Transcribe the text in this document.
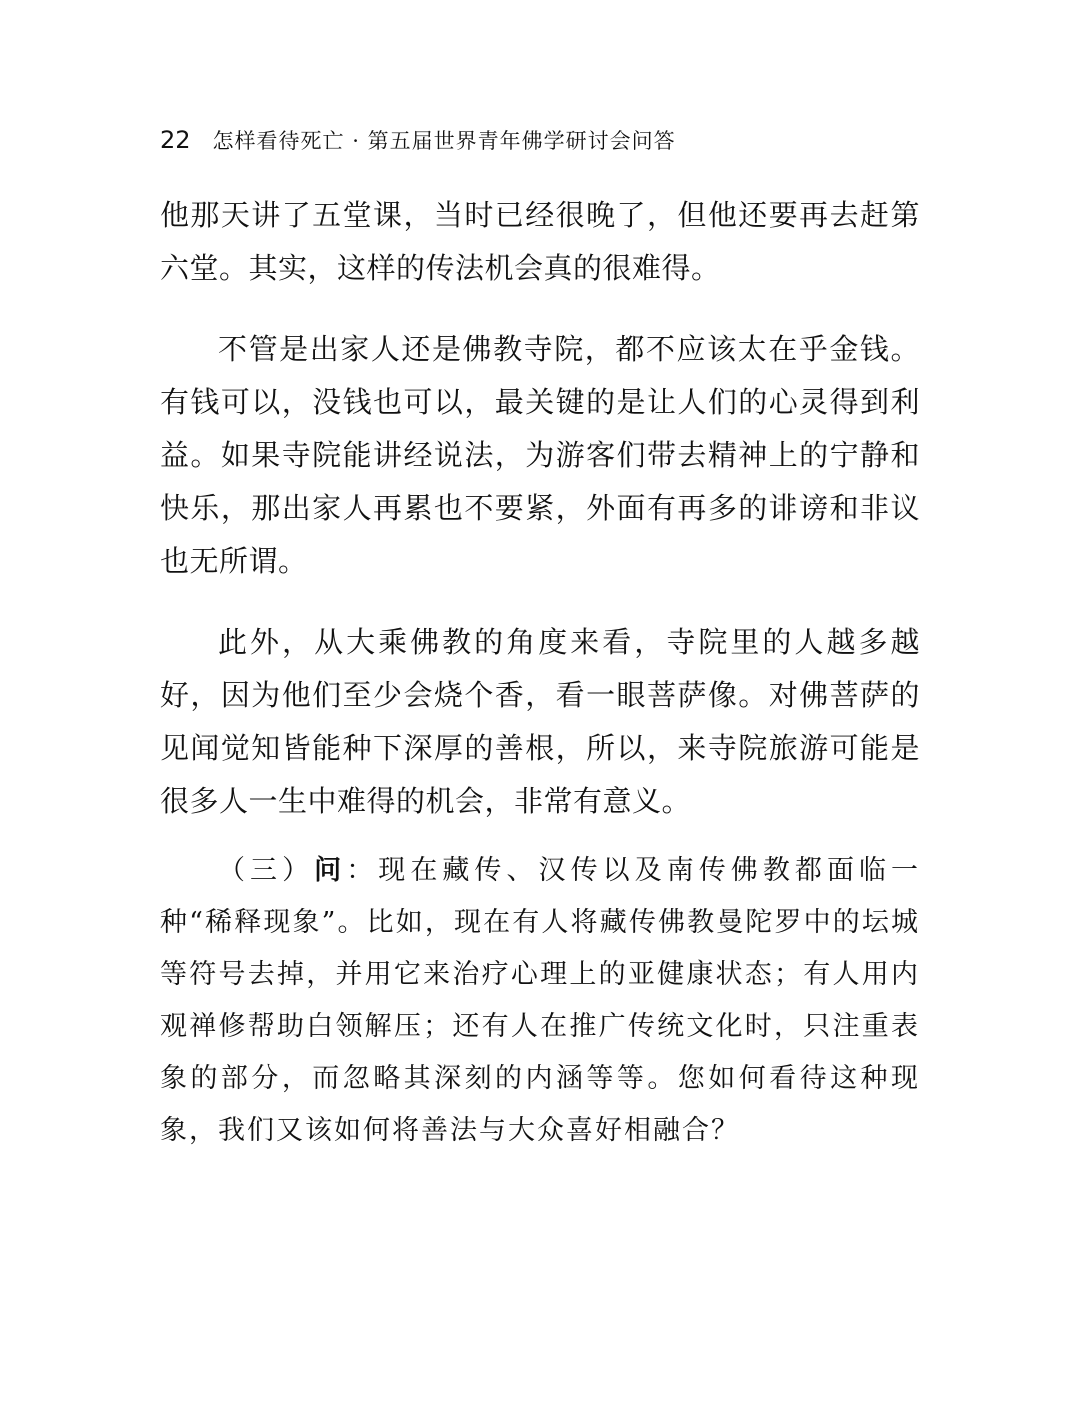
22 怎样看待死亡 · 第五届世界青年佛学研讨会问答

他那天讲了五堂课，当时已经很晚了，但他还要再去赶第六堂。其实，这样的传法机会真的很难得。

不管是出家人还是佛教寺院，都不应该太在乎金钱。有钱可以，没钱也可以，最关键的是让人们的心灵得到利益。如果寺院能讲经说法，为游客们带去精神上的宁静和快乐，那出家人再累也不要紧，外面有再多的诽谤和非议也无所谓。

此外，从大乘佛教的角度来看，寺院里的人越多越好，因为他们至少会烧个香，看一眼菩萨像。对佛菩萨的见闻觉知皆能种下深厚的善根，所以，来寺院旅游可能是很多人一生中难得的机会，非常有意义。

（三）问：现在藏传、汉传以及南传佛教都面临一种“稀释现象”。比如，现在有人将藏传佛教曼陀罗中的坛城等符号去掉，并用它来治疗心理上的亚健康状态；有人用内观禅修帮助白领解压；还有人在推广传统文化时，只注重表象的部分，而忽略其深刻的内涵等等。您如何看待这种现象，我们又该如何将善法与大众喜好相融合？
